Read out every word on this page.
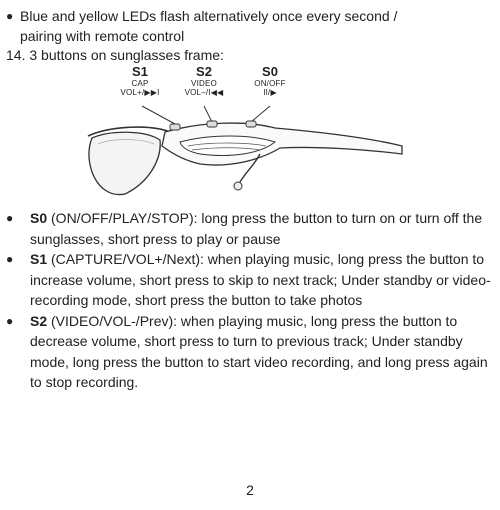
● Blue and yellow LEDs flash alternatively once every second /
pairing with remote control
14. 3 buttons on sunglasses frame:
S1
CAP
VOL+/▶▶I
S2
VIDEO
VOL–/I◀◀
S0
ON/OFF
II/▶
● S0 (ON/OFF/PLAY/STOP): long press the button to turn on or turn off the sunglasses, short press to play or pause
● S1 (CAPTURE/VOL+/Next): when playing music, long press the button to increase volume, short press to skip to next track; Under standby or video-recording mode, short press the button to take photos
● S2 (VIDEO/VOL-/Prev): when playing music, long press the button to decrease volume, short press to turn to previous track; Under standby mode, long press the button to start video recording, and long press again to stop recording.
2
